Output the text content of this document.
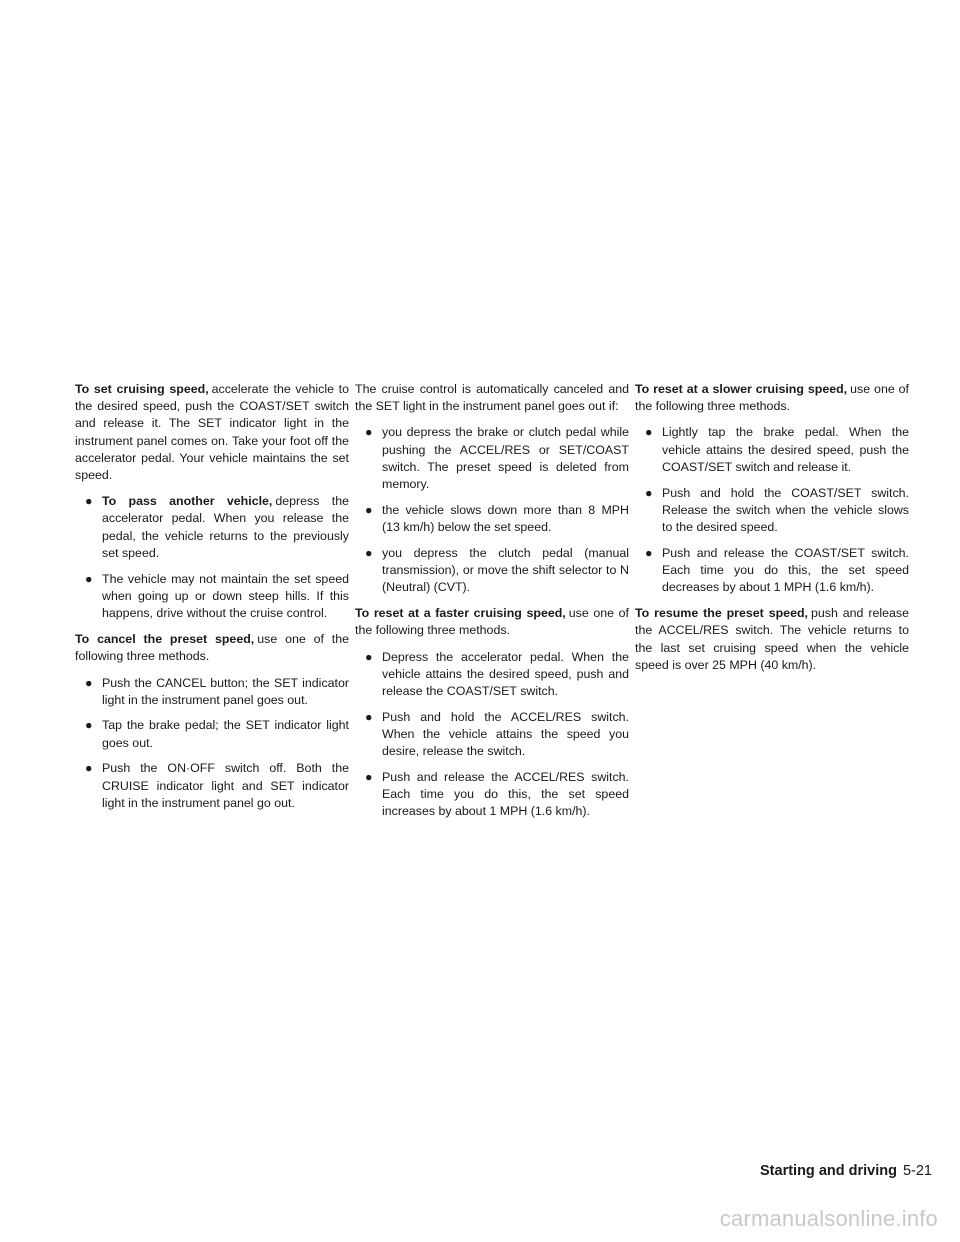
To set cruising speed, accelerate the vehicle to the desired speed, push the COAST/SET switch and release it. The SET indicator light in the instrument panel comes on. Take your foot off the accelerator pedal. Your vehicle maintains the set speed.

● To pass another vehicle, depress the accelerator pedal. When you release the pedal, the vehicle returns to the previously set speed.
● The vehicle may not maintain the set speed when going up or down steep hills. If this happens, drive without the cruise control.

To cancel the preset speed, use one of the following three methods.

● Push the CANCEL button; the SET indicator light in the instrument panel goes out.
● Tap the brake pedal; the SET indicator light goes out.
● Push the ON·OFF switch off. Both the CRUISE indicator light and SET indicator light in the instrument panel go out.

The cruise control is automatically canceled and the SET light in the instrument panel goes out if:

● you depress the brake or clutch pedal while pushing the ACCEL/RES or SET/COAST switch. The preset speed is deleted from memory.
● the vehicle slows down more than 8 MPH (13 km/h) below the set speed.
● you depress the clutch pedal (manual transmission), or move the shift selector to N (Neutral) (CVT).

To reset at a faster cruising speed, use one of the following three methods.

● Depress the accelerator pedal. When the vehicle attains the desired speed, push and release the COAST/SET switch.
● Push and hold the ACCEL/RES switch. When the vehicle attains the speed you desire, release the switch.
● Push and release the ACCEL/RES switch. Each time you do this, the set speed increases by about 1 MPH (1.6 km/h).

To reset at a slower cruising speed, use one of the following three methods.

● Lightly tap the brake pedal. When the vehicle attains the desired speed, push the COAST/SET switch and release it.
● Push and hold the COAST/SET switch. Release the switch when the vehicle slows to the desired speed.
● Push and release the COAST/SET switch. Each time you do this, the set speed decreases by about 1 MPH (1.6 km/h).

To resume the preset speed, push and release the ACCEL/RES switch. The vehicle returns to the last set cruising speed when the vehicle speed is over 25 MPH (40 km/h).

Starting and driving 5-21
carmanualsonline.info
